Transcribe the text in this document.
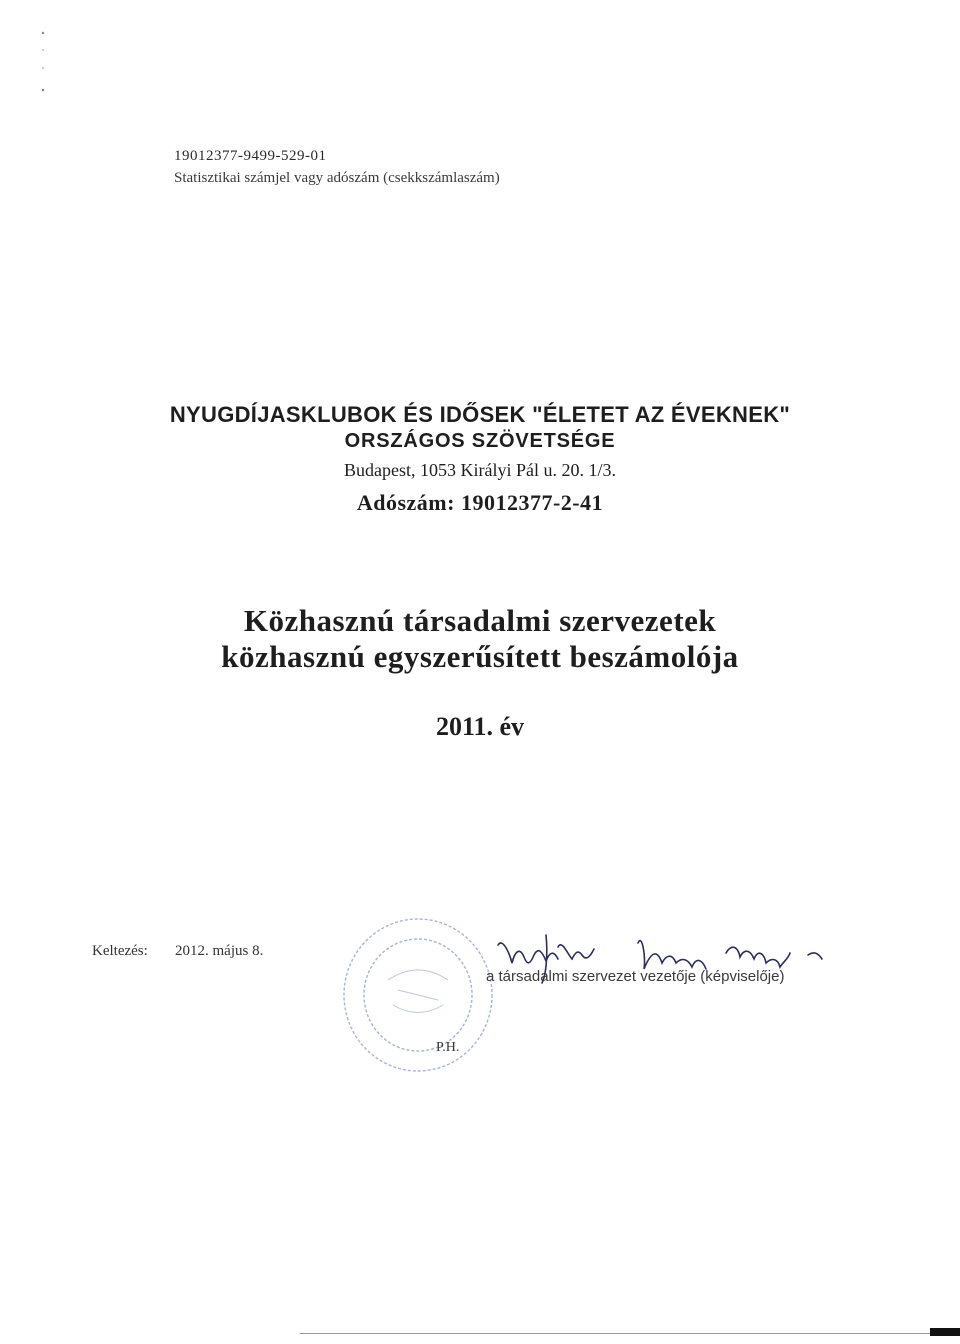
19012377-9499-529-01
Statisztikai számjel vagy adószám (csekkszámlaszám)
NYUGDÍJASKLUBOK ÉS IDŐSEK "ÉLETET AZ ÉVEKNEK"
ORSZÁGOS SZÖVETSÉGE
Budapest, 1053 Királyi Pál u. 20. 1/3.
Adószám: 19012377-2-41
Közhasznú társadalmi szervezetek
közhasznú egyszerűsített beszámolója
2011. év
Keltezés: 2012. május 8.
a társadalmi szervezet vezetője (képviselője)
P.H.
